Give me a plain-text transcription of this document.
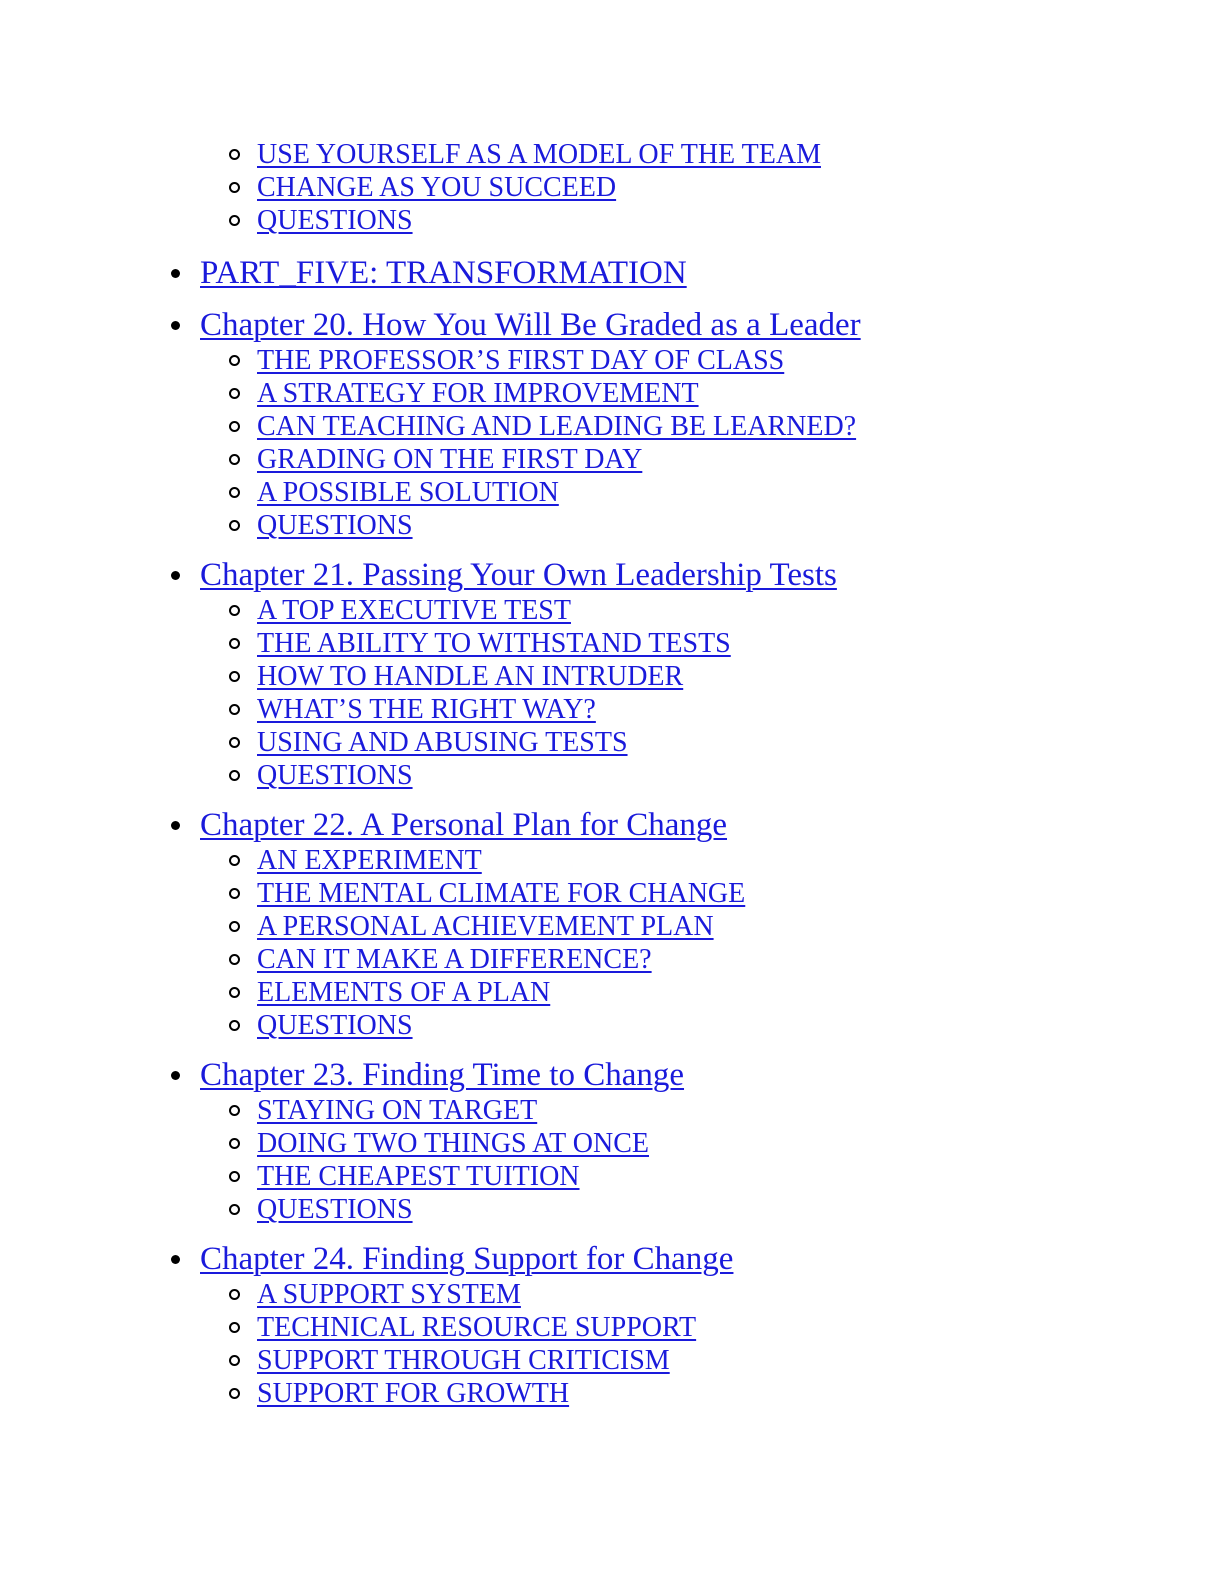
USE YOURSELF AS A MODEL OF THE TEAM
CHANGE AS YOU SUCCEED
QUESTIONS
PART_FIVE: TRANSFORMATION
Chapter 20. How You Will Be Graded as a Leader
THE PROFESSOR’S FIRST DAY OF CLASS
A STRATEGY FOR IMPROVEMENT
CAN TEACHING AND LEADING BE LEARNED?
GRADING ON THE FIRST DAY
A POSSIBLE SOLUTION
QUESTIONS
Chapter 21. Passing Your Own Leadership Tests
A TOP EXECUTIVE TEST
THE ABILITY TO WITHSTAND TESTS
HOW TO HANDLE AN INTRUDER
WHAT’S THE RIGHT WAY?
USING AND ABUSING TESTS
QUESTIONS
Chapter 22. A Personal Plan for Change
AN EXPERIMENT
THE MENTAL CLIMATE FOR CHANGE
A PERSONAL ACHIEVEMENT PLAN
CAN IT MAKE A DIFFERENCE?
ELEMENTS OF A PLAN
QUESTIONS
Chapter 23. Finding Time to Change
STAYING ON TARGET
DOING TWO THINGS AT ONCE
THE CHEAPEST TUITION
QUESTIONS
Chapter 24. Finding Support for Change
A SUPPORT SYSTEM
TECHNICAL RESOURCE SUPPORT
SUPPORT THROUGH CRITICISM
SUPPORT FOR GROWTH
